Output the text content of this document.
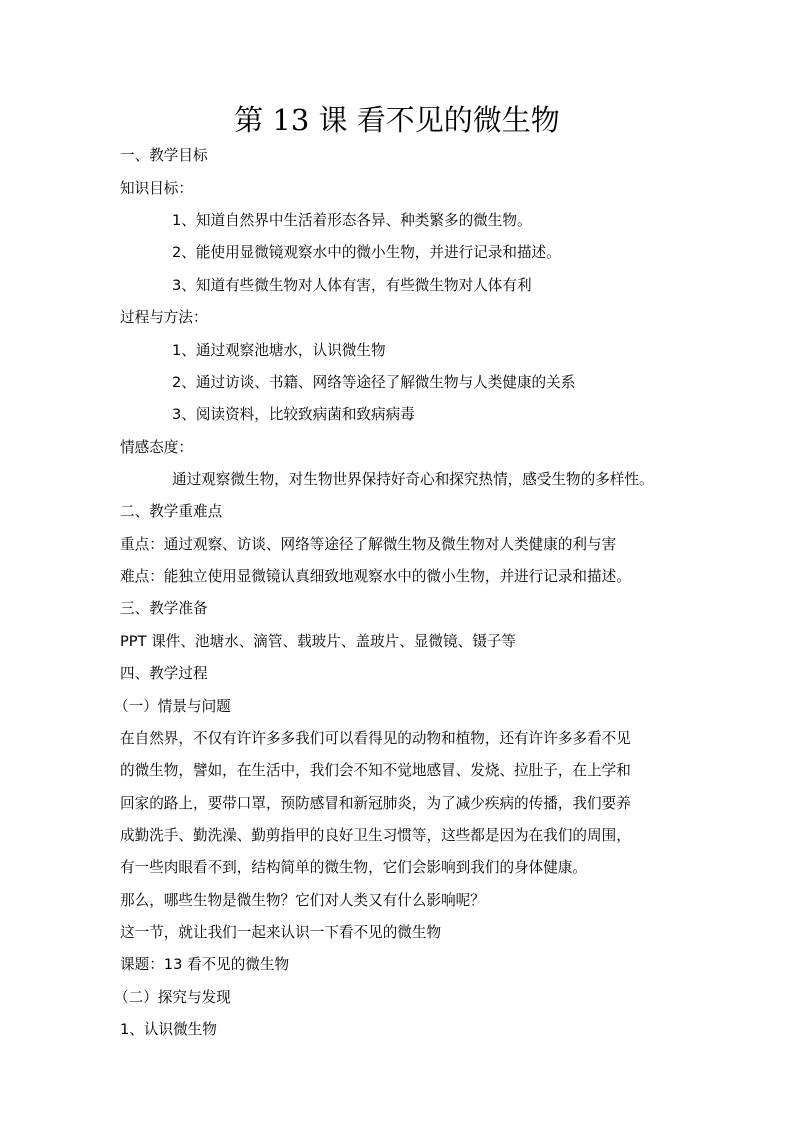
第 13 课 看不见的微生物
一、教学目标
知识目标：
1、知道自然界中生活着形态各异、种类繁多的微生物。
2、能使用显微镜观察水中的微小生物，并进行记录和描述。
3、知道有些微生物对人体有害，有些微生物对人体有利
过程与方法：
1、通过观察池塘水，认识微生物
2、通过访谈、书籍、网络等途径了解微生物与人类健康的关系
3、阅读资料，比较致病菌和致病病毒
情感态度：
通过观察微生物，对生物世界保持好奇心和探究热情，感受生物的多样性。
二、教学重难点
重点：通过观察、访谈、网络等途径了解微生物及微生物对人类健康的利与害
难点：能独立使用显微镜认真细致地观察水中的微小生物，并进行记录和描述。
三、教学准备
PPT 课件、池塘水、滴管、载玻片、盖玻片、显微镜、镊子等
四、教学过程
（一）情景与问题
在自然界，不仅有许许多多我们可以看得见的动物和植物，还有许许多多看不见
的微生物，譬如，在生活中，我们会不知不觉地感冒、发烧、拉肚子，在上学和
回家的路上，要带口罩，预防感冒和新冠肺炎，为了减少疾病的传播，我们要养
成勤洗手、勤洗澡、勤剪指甲的良好卫生习惯等，这些都是因为在我们的周围，
有一些肉眼看不到，结构简单的微生物，它们会影响到我们的身体健康。
那么，哪些生物是微生物？它们对人类又有什么影响呢？
这一节，就让我们一起来认识一下看不见的微生物
课题：13 看不见的微生物
（二）探究与发现
1、认识微生物
